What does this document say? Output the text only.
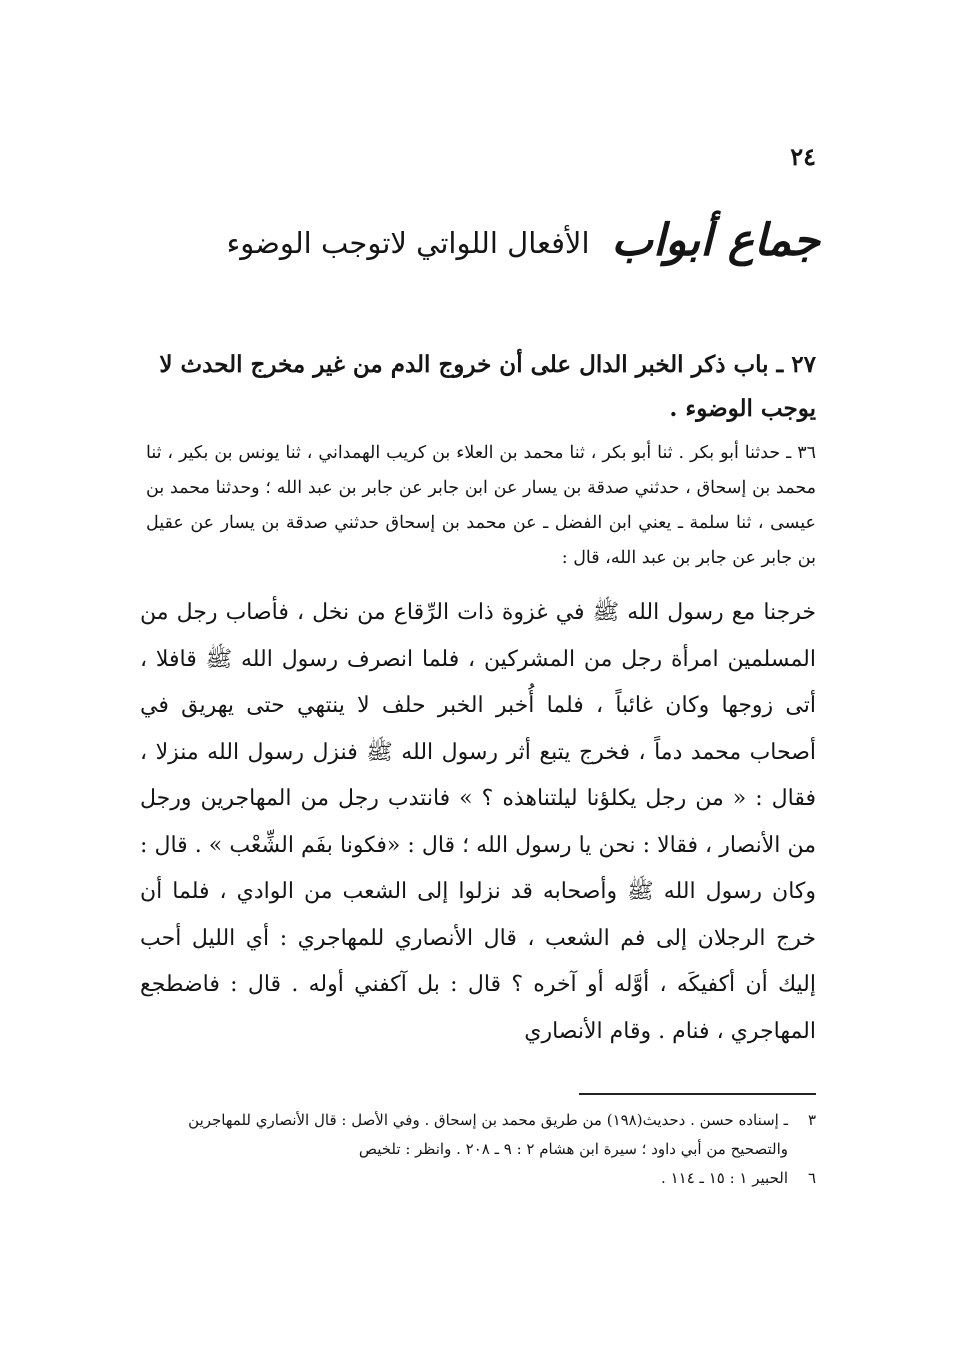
٢٤
جماع أبواب
الأفعال اللواتي لاتوجب الوضوء
٢٧ ـ باب ذكر الخبر الدال على أن خروج الدم من غير مخرج الحدث لا يوجب الوضوء .
٣٦ ـ حدثنا أبو بكر . ثنا أبو بكر ، ثنا محمد بن العلاء بن كريب الهمداني ، ثنا يونس بن بكير ، ثنا محمد بن إسحاق ، حدثني صدقة بن يسار عن ابن جابر عن جابر بن عبد الله ؛ وحدثنا محمد بن عيسى ، ثنا سلمة ـ يعني ابن الفضل ـ عن محمد بن إسحاق حدثني صدقة بن يسار عن عقيل بن جابر عن جابر بن عبد الله، قال :

خرجنا مع رسول الله ﷺ في غزوة ذات الرِّقاع من نخل ، فأصاب رجل من المسلمين امرأة رجل من المشركين ، فلما انصرف رسول الله ﷺ قافلا ، أتى زوجها وكان غائباً ، فلما أُخبر الخبر حلف لا ينتهي حتى يهريق في أصحاب محمد دماً ، فخرج يتبع أثر رسول الله ﷺ فنزل رسول الله منزلا ، فقال : « من رجل يكلؤنا ليلتناهذه ؟ » فانتدب رجل من المهاجرين ورجل من الأنصار ، فقالا : نحن يا رسول الله ؛ قال : «فكونا بفَم الشِّعْب » . قال : وكان رسول الله ﷺ وأصحابه قد نزلوا إلى الشعب من الوادي ، فلما أن خرج الرجلان إلى فم الشعب ، قال الأنصاري للمهاجري : أي الليل أحب إليك أن أكفيكَه ، أوَّله أو آخره ؟ قال : بل آكفني أوله . قال : فاضطجع المهاجري ، فنام . وقام الأنصاري

٣
ـ إسناده حسن . دحديث(١٩٨) من طريق محمد بن إسحاق . وفي الأصل : قال الأنصاري للمهاجرين والتصحيح من أبي داود ؛ سيرة ابن هشام ٢ : ٩ ـ ٢٠٨ . وانظر : تلخيص
٦
الحبير ١ : ١٥ ـ ١١٤ .
